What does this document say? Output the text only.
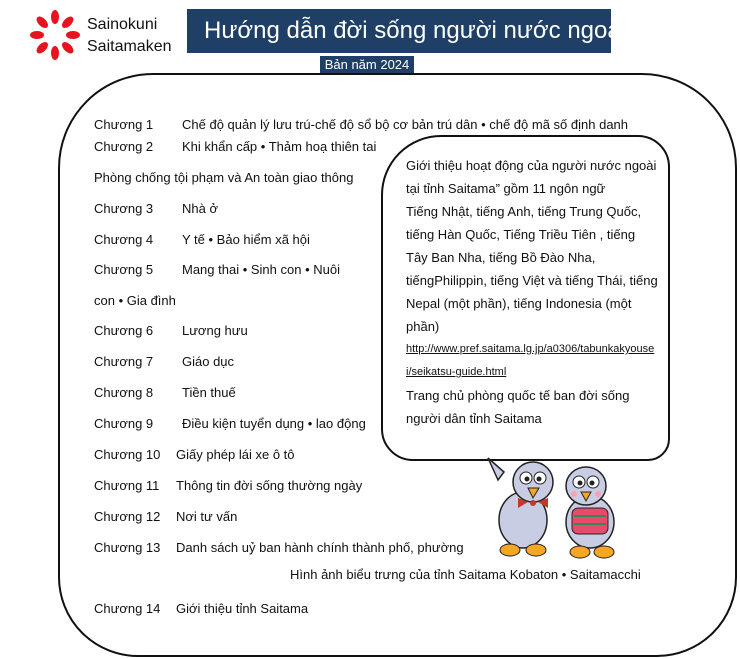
Sainokuni
Saitamaken
Hướng dẫn đời sống người nước ngoài
Bản năm 2024
Chương 1 Chế độ quản lý lưu trú-chế độ sổ bộ cơ bản trú dân • chế độ mã số định danh
Chương 2 Khi khẩn cấp • Thảm hoạ thiên tai
Phòng chống tội phạm và An toàn giao thông
Chương 3 Nhà ở
Chương 4 Y tế • Bảo hiểm xã hội
Chương 5 Mang thai • Sinh con • Nuôi
con • Gia đình
Chương 6 Lương hưu
Chương 7 Giáo dục
Chương 8 Tiền thuế
Chương 9 Điều kiện tuyển dụng • lao động
Chương 10 Giấy phép lái xe ô tô
Chương 11 Thông tin đời sống thường ngày
Chương 12 Nơi tư vấn
Chương 13 Danh sách uỷ ban hành chính thành phố, phường
Chương 14 Giới thiệu tỉnh Saitama

Giới thiệu hoạt động của người nước ngoài tại tỉnh Saitama” gồm 11 ngôn ngữ

Tiếng Nhật, tiếng Anh, tiếng Trung Quốc, tiếng Hàn Quốc, Tiếng Triều Tiên , tiếng Tây Ban Nha, tiếng Bồ Đào Nha, tiếngPhilippin, tiếng Việt và tiếng Thái, tiếng Nepal (một phần), tiếng Indonesia (một phần)

http://www.pref.saitama.lg.jp/a0306/tabunkakyousei/seikatsu-guide.html

Trang chủ phòng quốc tế ban đời sống người dân tỉnh Saitama

Hình ảnh biểu trưng của tỉnh Saitama Kobaton • Saitamacchi
